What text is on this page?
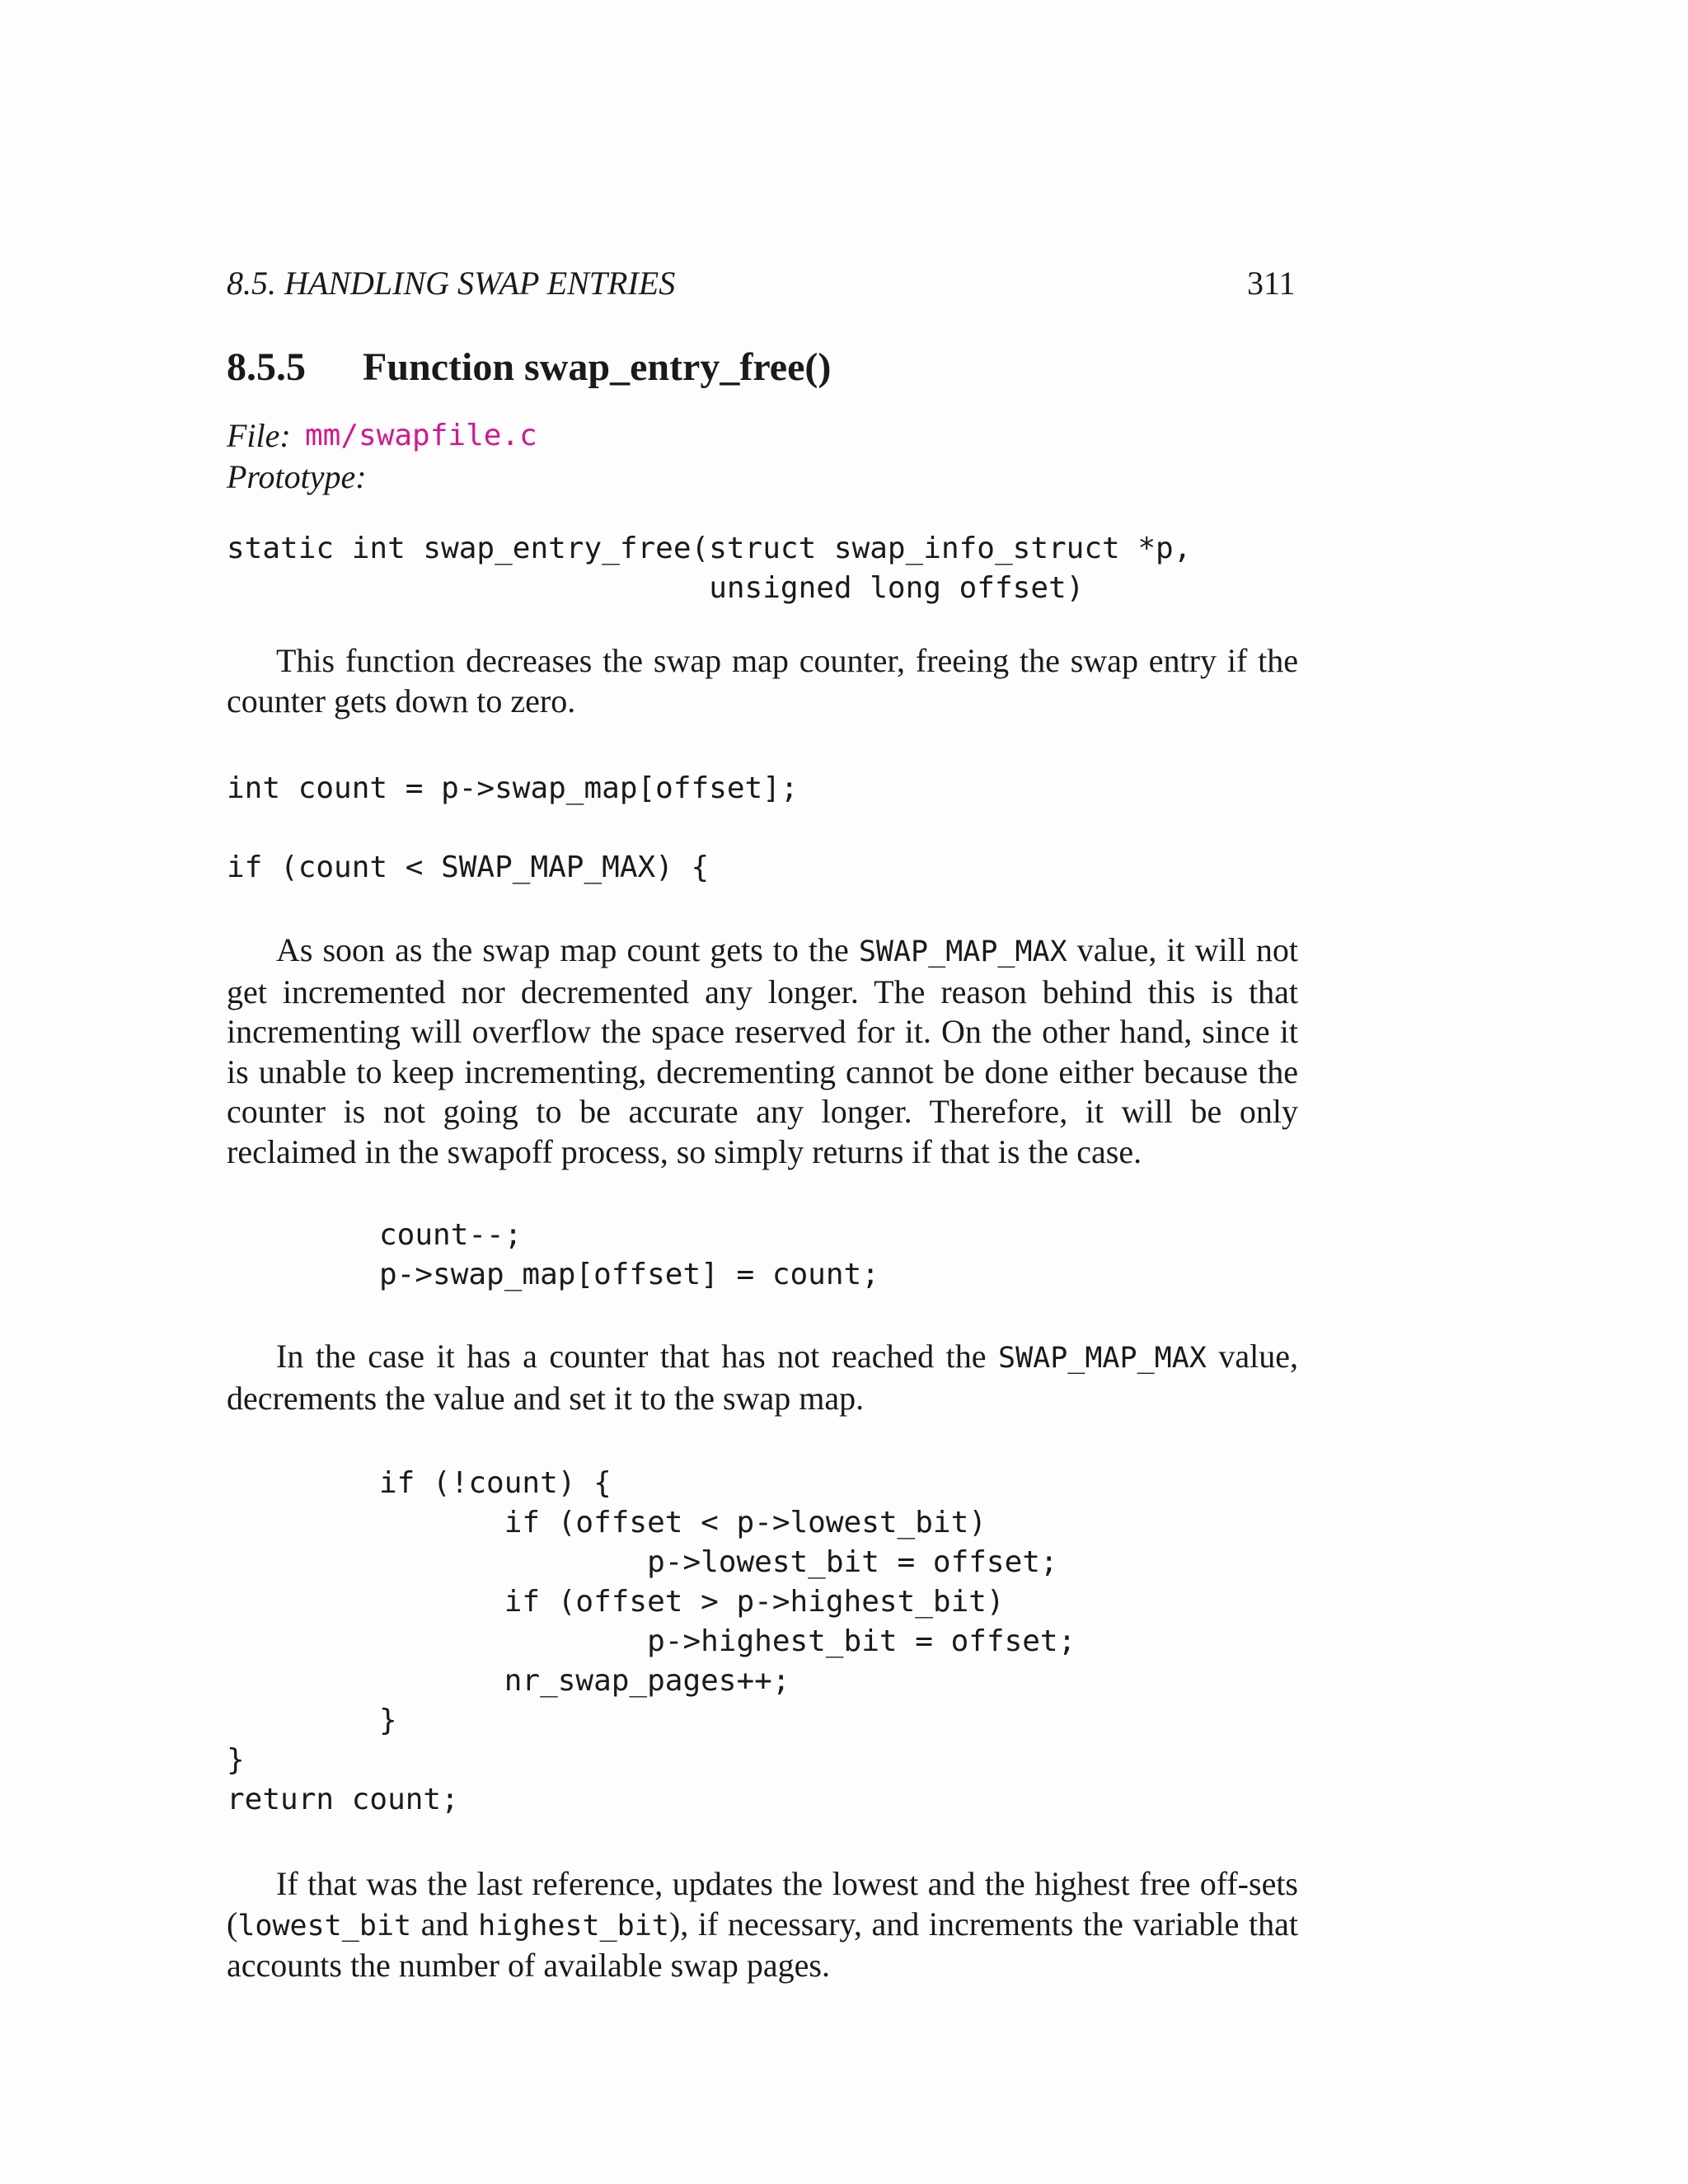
8.5. HANDLING SWAP ENTRIES	311
8.5.5 Function swap_entry_free()
File: mm/swapfile.c
Prototype:
static int swap_entry_free(struct swap_info_struct *p,
unsigned long offset)

This function decreases the swap map counter, freeing the swap entry if the counter gets down to zero.

int count = p->swap_map[offset];
if (count < SWAP_MAP_MAX) {

As soon as the swap map count gets to the SWAP_MAP_MAX value, it will not get incremented nor decremented any longer. The reason behind this is that incrementing will overflow the space reserved for it. On the other hand, since it is unable to keep incrementing, decrementing cannot be done either because the counter is not going to be accurate any longer. Therefore, it will be only reclaimed in the swapoff process, so simply returns if that is the case.

count--;
p->swap_map[offset] = count;

In the case it has a counter that has not reached the SWAP_MAP_MAX value, decrements the value and set it to the swap map.

if (!count) {
if (offset < p->lowest_bit)
p->lowest_bit = offset;
if (offset > p->highest_bit)
p->highest_bit = offset;
nr_swap_pages++;
}
}
return count;

If that was the last reference, updates the lowest and the highest free off-sets (lowest_bit and highest_bit), if necessary, and increments the variable that accounts the number of available swap pages.
